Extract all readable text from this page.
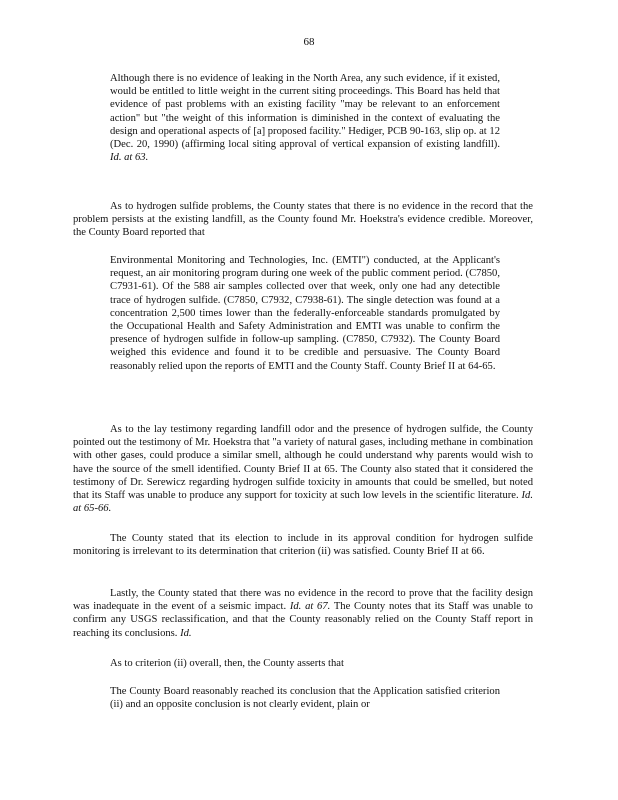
68
Although there is no evidence of leaking in the North Area, any such evidence, if it existed, would be entitled to little weight in the current siting proceedings. This Board has held that evidence of past problems with an existing facility "may be relevant to an enforcement action" but "the weight of this information is diminished in the context of evaluating the design and operational aspects of [a] proposed facility." Hediger, PCB 90-163, slip op. at 12 (Dec. 20, 1990) (affirming local siting approval of vertical expansion of existing landfill). Id. at 63.
As to hydrogen sulfide problems, the County states that there is no evidence in the record that the problem persists at the existing landfill, as the County found Mr. Hoekstra's evidence credible. Moreover, the County Board reported that
Environmental Monitoring and Technologies, Inc. (EMTI") conducted, at the Applicant's request, an air monitoring program during one week of the public comment period. (C7850, C7931-61). Of the 588 air samples collected over that week, only one had any detectible trace of hydrogen sulfide. (C7850, C7932, C7938-61). The single detection was found at a concentration 2,500 times lower than the federally-enforceable standards promulgated by the Occupational Health and Safety Administration and EMTI was unable to confirm the presence of hydrogen sulfide in follow-up sampling. (C7850, C7932). The County Board weighed this evidence and found it to be credible and persuasive. The County Board reasonably relied upon the reports of EMTI and the County Staff. County Brief II at 64-65.
As to the lay testimony regarding landfill odor and the presence of hydrogen sulfide, the County pointed out the testimony of Mr. Hoekstra that "a variety of natural gases, including methane in combination with other gases, could produce a similar smell, although he could understand why parents would wish to have the source of the smell identified. County Brief II at 65. The County also stated that it considered the testimony of Dr. Serewicz regarding hydrogen sulfide toxicity in amounts that could be smelled, but noted that its Staff was unable to produce any support for toxicity at such low levels in the scientific literature. Id. at 65-66.
The County stated that its election to include in its approval condition for hydrogen sulfide monitoring is irrelevant to its determination that criterion (ii) was satisfied. County Brief II at 66.
Lastly, the County stated that there was no evidence in the record to prove that the facility design was inadequate in the event of a seismic impact. Id. at 67. The County notes that its Staff was unable to confirm any USGS reclassification, and that the County reasonably relied on the County Staff report in reaching its conclusions. Id.
As to criterion (ii) overall, then, the County asserts that
The County Board reasonably reached its conclusion that the Application satisfied criterion (ii) and an opposite conclusion is not clearly evident, plain or
